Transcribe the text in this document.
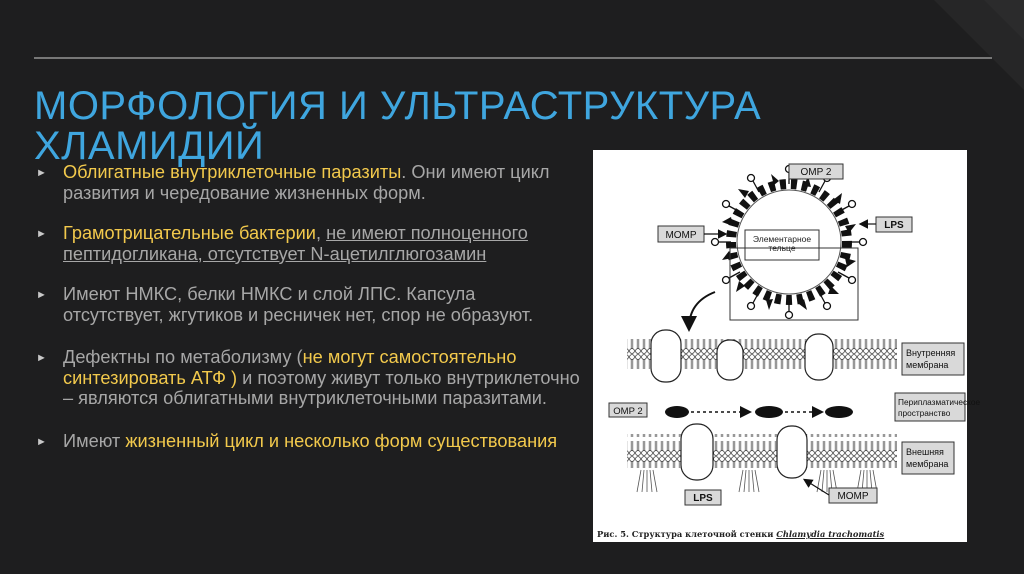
МОРФОЛОГИЯ И УЛЬТРАСТРУКТУРА
ХЛАМИДИЙ
► Облигатные внутриклеточные паразиты. Они имеют цикл развития и чередование жизненных форм.
► Грамотрицательные бактерии, не имеют полноценного пептидогликана, отсутствует N-ацетилглюгозамин
► Имеют НМКС, белки НМКС и слой ЛПС. Капсула отсутствует, жгутиков и ресничек нет, спор не образуют.
► Дефектны по метаболизму (не могут самостоятельно синтезировать АТФ ) и поэтому живут только внутриклеточно – являются облигатными внутриклеточными паразитами.
► Имеют жизненный цикл и несколько форм существования
Элементарное тельце
OMP 2
LPS
MOMP
Внутренняя мембрана
Периплазматическое пространство
OMP 2
Внешняя мембрана
LPS	MOMP
Рис. 5. Структура клеточной стенки Chlamydia trachomatis
